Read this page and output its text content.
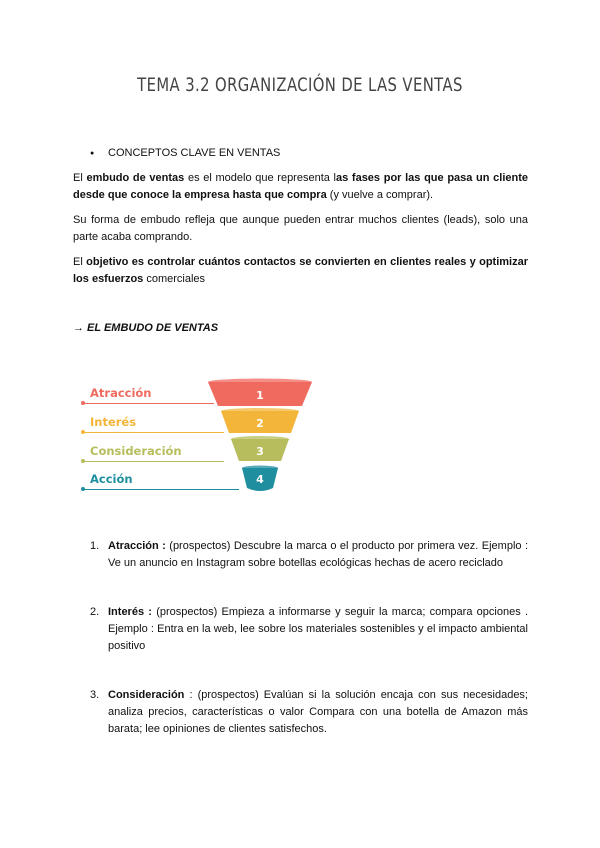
TEMA 3.2 ORGANIZACIÓN DE LAS VENTAS
● CONCEPTOS CLAVE EN VENTAS
El embudo de ventas es el modelo que representa las fases por las que pasa un cliente desde que conoce la empresa hasta que compra (y vuelve a comprar).
Su forma de embudo refleja que aunque pueden entrar muchos clientes (leads), solo una parte acaba comprando.
El objetivo es controlar cuántos contactos se convierten en clientes reales y optimizar los esfuerzos comerciales
→ EL EMBUDO DE VENTAS
Atracción
Interés
Consideración
Acción
1
2
3
4
1. Atracción : (prospectos) Descubre la marca o el producto por primera vez. Ejemplo : Ve un anuncio en Instagram sobre botellas ecológicas hechas de acero reciclado
2. Interés : (prospectos) Empieza a informarse y seguir la marca; compara opciones . Ejemplo : Entra en la web, lee sobre los materiales sostenibles y el impacto ambiental positivo
3. Consideración : (prospectos) Evalúan si la solución encaja con sus necesidades; analiza precios, características o valor Compara con una botella de Amazon más barata; lee opiniones de clientes satisfechos.
